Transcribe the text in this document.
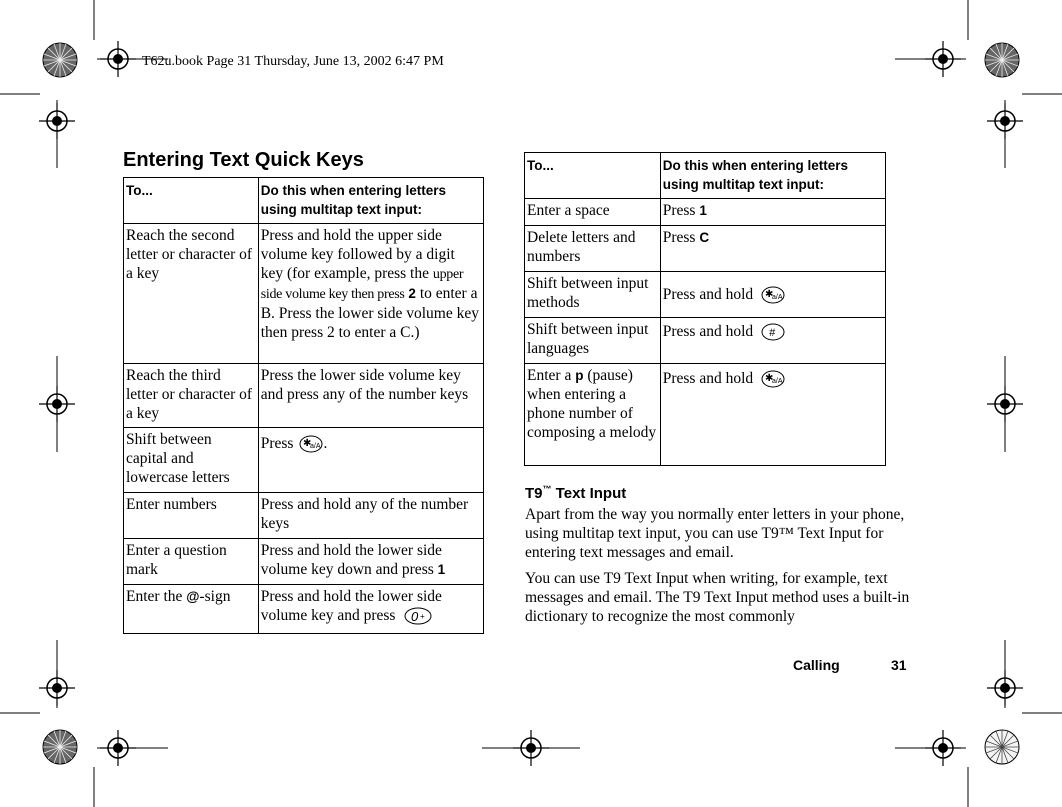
T62u.book Page 31 Thursday, June 13, 2002 6:47 PM
Entering Text Quick Keys
To...	Do this when entering letters using multitap text input:
Reach the second letter or character of a key	Press and hold the upper side volume key followed by a digit key (for example, press the upper side volume key then press 2 to enter a B. Press the lower side volume key then press 2 to enter a C.)
Reach the third letter or character of a key	Press the lower side volume key and press any of the number keys
Shift between capital and lowercase letters	Press ✱
a/A .
Enter numbers	Press and hold any of the number keys
Enter a question mark	Press and hold the lower side volume key down and press 1
Enter the @-sign	Press and hold the lower side volume key and press 0 +
To...	Do this when entering letters using multitap text input:
Enter a space	Press 1
Delete letters and numbers	Press C
Shift between input methods	Press and hold ✱
a/A

Shift between input languages	Press and hold #

Enter a p (pause) when entering a phone number of composing a melody	Press and hold ✱
a/A
T9™ Text Input
Apart from the way you normally enter letters in your phone, using multitap text input, you can use T9™ Text Input for entering text messages and email.
You can use T9 Text Input when writing, for example, text messages and email. The T9 Text Input method uses a built-in dictionary to recognize the most commonly
Calling	31
